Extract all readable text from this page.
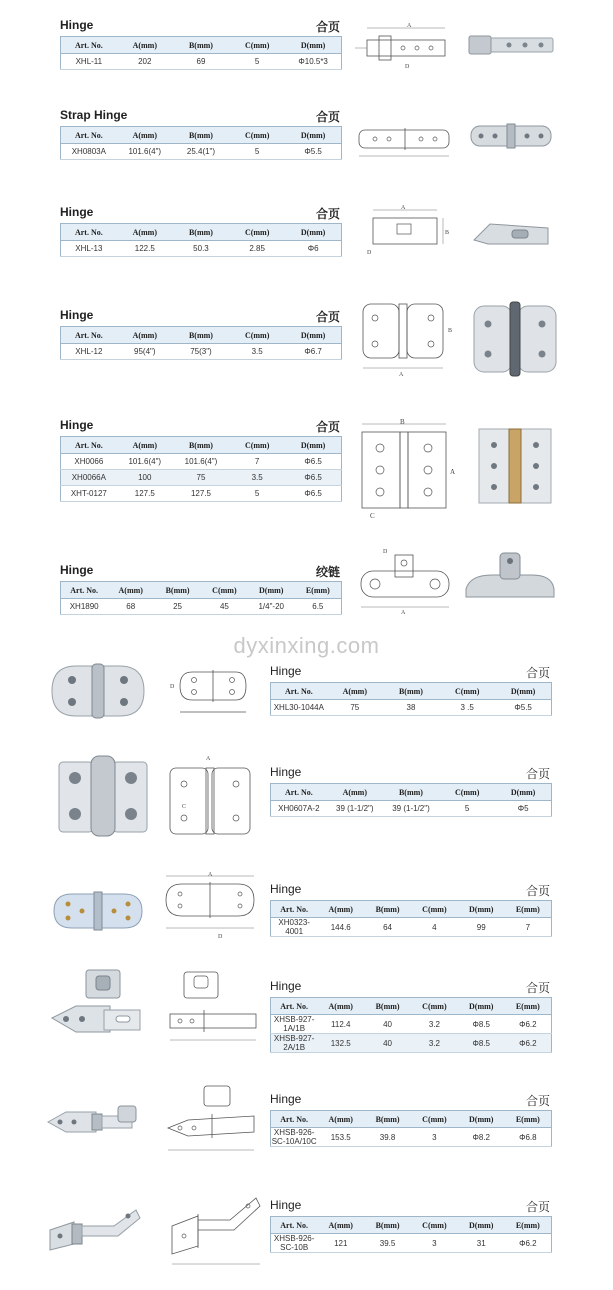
Hinge	合页
Art. No.	A(mm)	B(mm)	C(mm)	D(mm)
XHL-11	202	69	5	Φ10.5*3
Strap Hinge	合页
Art. No.	A(mm)	B(mm)	C(mm)	D(mm)
XH0803A	101.6(4")	25.4(1")	5	Φ5.5
Hinge	合页
Art. No.	A(mm)	B(mm)	C(mm)	D(mm)
XHL-13	122.5	50.3	2.85	Φ6
Hinge	合页
Art. No.	A(mm)	B(mm)	C(mm)	D(mm)
XHL-12	95(4")	75(3")	3.5	Φ6.7
Hinge	合页
Art. No.	A(mm)	B(mm)	C(mm)	D(mm)
XH0066	101.6(4")	101.6(4")	7	Φ6.5
XH0066A	100	75	3.5	Φ6.5
XHT-0127	127.5	127.5	5	Φ6.5
Hinge	绞链
Art. No.	A(mm)	B(mm)	C(mm)	D(mm)	E(mm)
XH1890	68	25	45	1/4"-20	6.5
A
D
A
B
D
A
B
B
A
C
D
A
dyxinxing.com
Hinge	合页
Art. No.	A(mm)	B(mm)	C(mm)	D(mm)
XHL30-1044A	75	38	3 .5	Φ5.5
Hinge	合页
Art. No.	A(mm)	B(mm)	C(mm)	D(mm)
XH0607A-2	39 (1-1/2")	39 (1-1/2")	5	Φ5
Hinge	合页
Art. No.	A(mm)	B(mm)	C(mm)	D(mm)	E(mm)
XH0323-4001	144.6	64	4	99	7
Hinge	合页
Art. No.	A(mm)	B(mm)	C(mm)	D(mm)	E(mm)
XHSB-927-1A/1B	112.4	40	3.2	Φ8.5	Φ6.2
XHSB-927-2A/1B	132.5	40	3.2	Φ8.5	Φ6.2
Hinge	合页
Art. No.	A(mm)	B(mm)	C(mm)	D(mm)	E(mm)
XHSB-926-SC-10A/10C	153.5	39.8	3	Φ8.2	Φ6.8
Hinge	合页
Art. No.	A(mm)	B(mm)	C(mm)	D(mm)	E(mm)
XHSB-926-SC-10B	121	39.5	3	31	Φ6.2
D
A
C
A
D
